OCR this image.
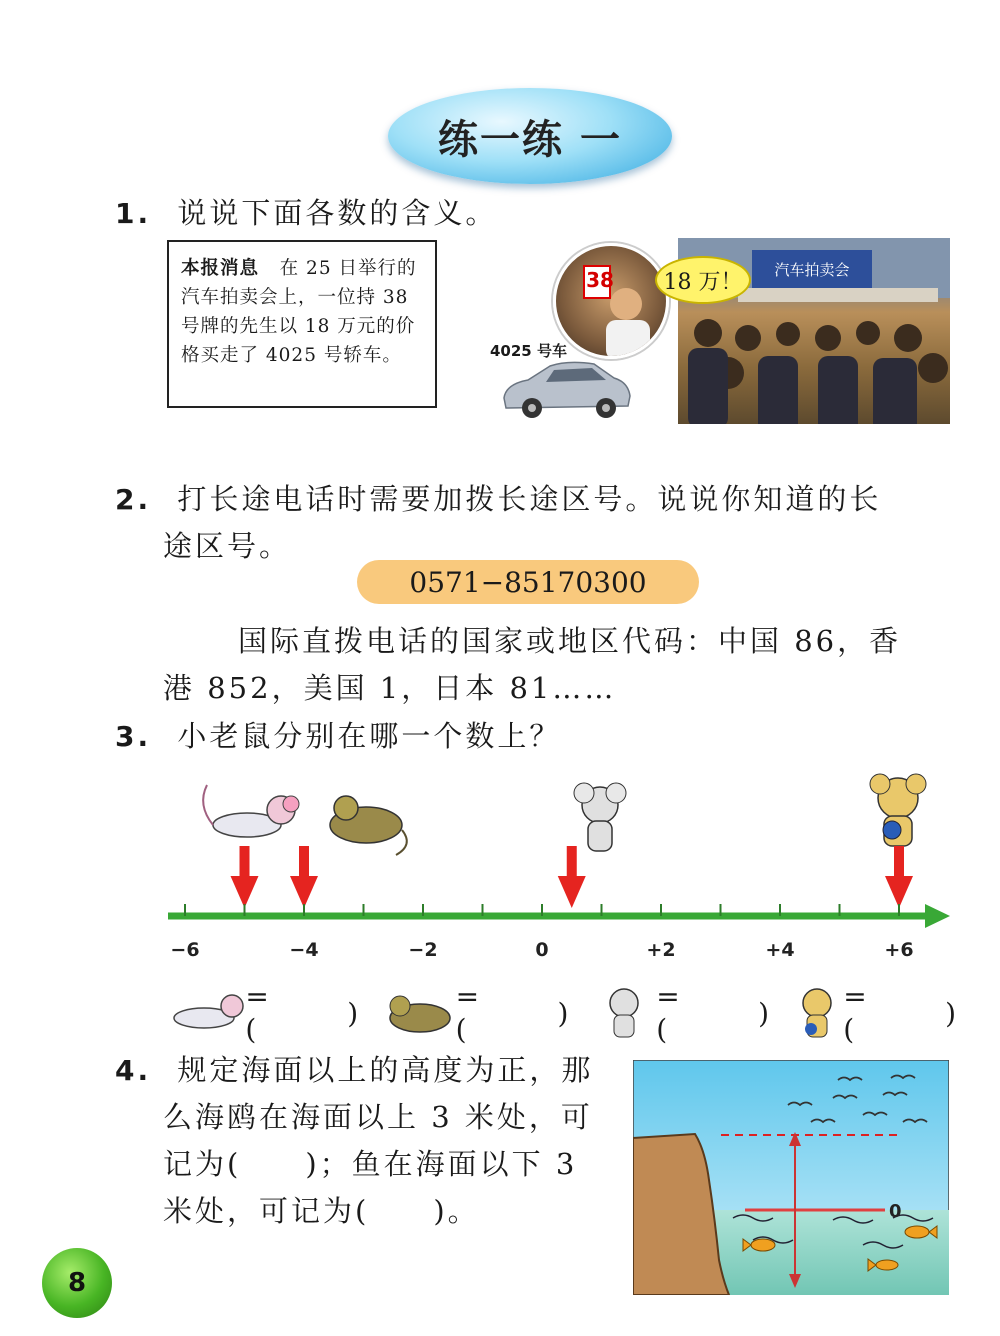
练一练 一
1. 说说下面各数的含义。
本报消息 在 25 日举行的汽车拍卖会上，一位持 38 号牌的先生以 18 万元的价格买走了 4025 号轿车。
汽车拍卖会
38 18 万！
4025 号车
2. 打长途电话时需要加拨长途区号。说说你知道的长
途区号。
0571−85170300
国际直拨电话的国家或地区代码：中国 86，香
港 852，美国 1，日本 81……
3. 小老鼠分别在哪一个数上？
−6	−4	−2	0	+2	+4	+6
= (	)	= (	)	= (	)	= (	)
4. 规定海面以上的高度为正，那
么海鸥在海面以上 3 米处，可
记为(　　)；鱼在海面以下 3
米处，可记为(　　)。	0
8
